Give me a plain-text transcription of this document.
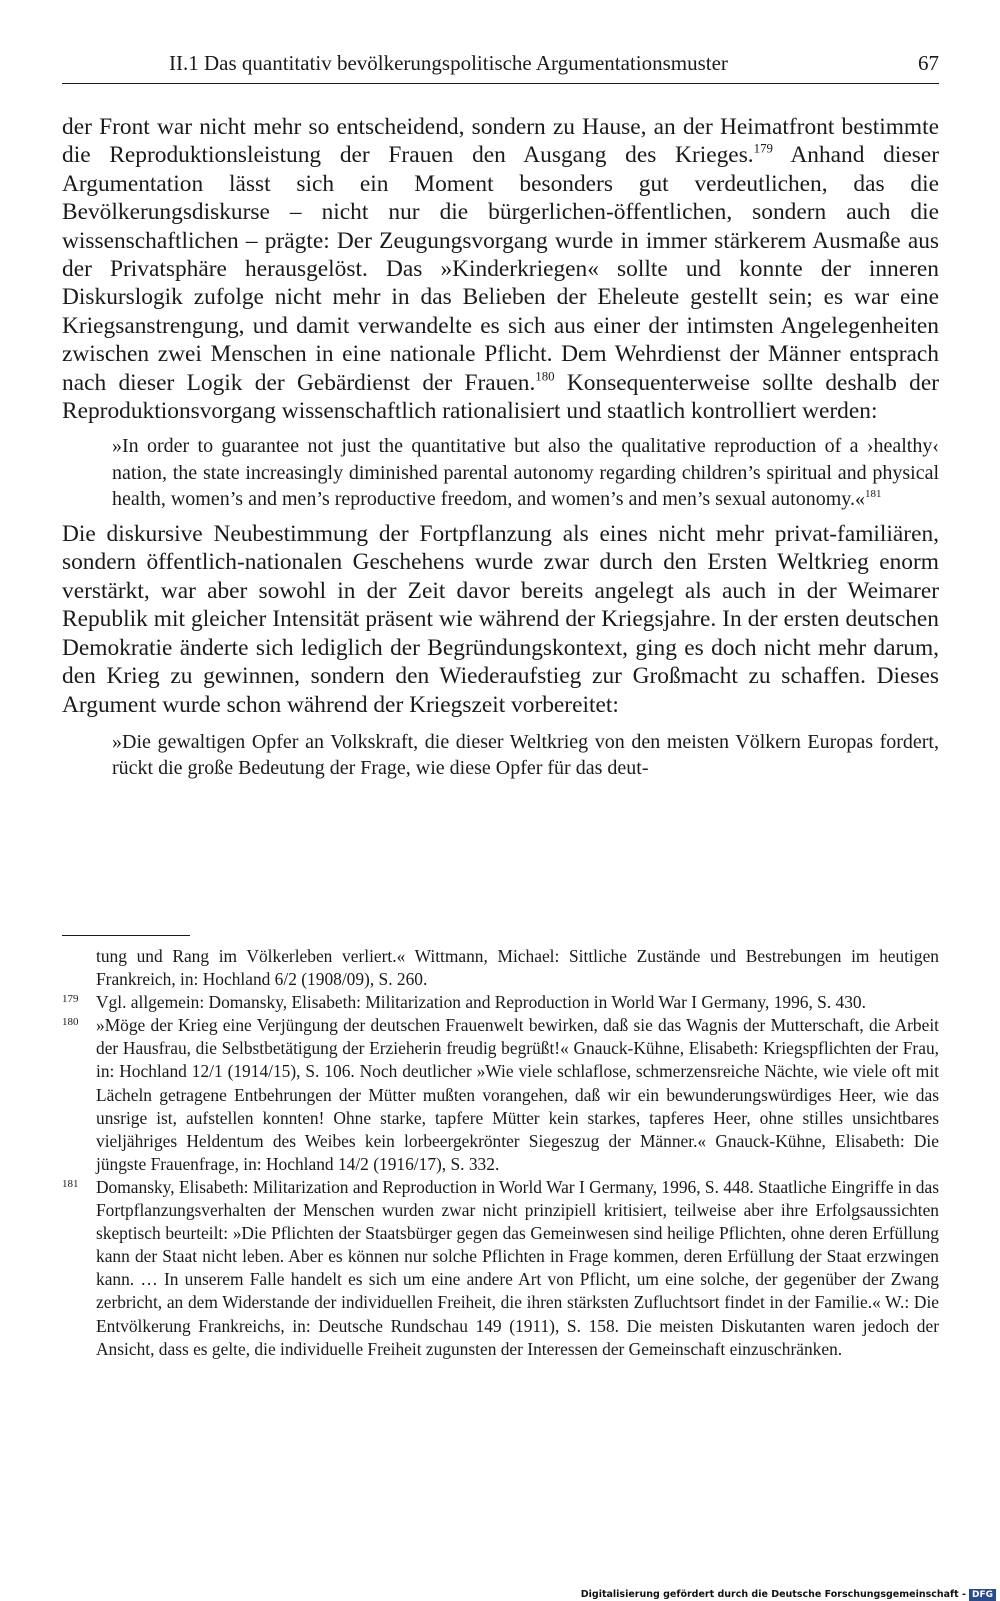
II.1 Das quantitativ bevölkerungspolitische Argumentationsmuster	67

der Front war nicht mehr so entscheidend, sondern zu Hause, an der Heimatfront bestimmte die Reproduktionsleistung der Frauen den Ausgang des Krieges.$^{179}$ Anhand dieser Argumentation lässt sich ein Moment besonders gut verdeutlichen, das die Bevölkerungsdiskurse – nicht nur die bürgerlichen-öffentlichen, sondern auch die wissenschaftlichen – prägte: Der Zeugungsvorgang wurde in immer stärkerem Ausmaße aus der Privatsphäre herausgelöst. Das »Kinderkriegen« sollte und konnte der inneren Diskurslogik zufolge nicht mehr in das Belieben der Eheleute gestellt sein; es war eine Kriegsanstrengung, und damit verwandelte es sich aus einer der intimsten Angelegenheiten zwischen zwei Menschen in eine nationale Pflicht. Dem Wehrdienst der Männer entsprach nach dieser Logik der Gebärdienst der Frauen.$^{180}$ Konsequenterweise sollte deshalb der Reproduktionsvorgang wissenschaftlich rationalisiert und staatlich kontrolliert werden:

»In order to guarantee not just the quantitative but also the qualitative reproduction of a ›healthy‹ nation, the state increasingly diminished parental autonomy regarding children’s spiritual and physical health, women’s and men’s reproductive freedom, and women’s and men’s sexual autonomy.«$^{181}$

Die diskursive Neubestimmung der Fortpflanzung als eines nicht mehr privat-familiären, sondern öffentlich-nationalen Geschehens wurde zwar durch den Ersten Weltkrieg enorm verstärkt, war aber sowohl in der Zeit davor bereits angelegt als auch in der Weimarer Republik mit gleicher Intensität präsent wie während der Kriegsjahre. In der ersten deutschen Demokratie änderte sich lediglich der Begründungskontext, ging es doch nicht mehr darum, den Krieg zu gewinnen, sondern den Wiederaufstieg zur Großmacht zu schaffen. Dieses Argument wurde schon während der Kriegszeit vorbereitet:

»Die gewaltigen Opfer an Volkskraft, die dieser Weltkrieg von den meisten Völkern Europas fordert, rückt die große Bedeutung der Frage, wie diese Opfer für das deut-

tung und Rang im Völkerleben verliert.« Wittmann, Michael: Sittliche Zustände und Bestrebungen im heutigen Frankreich, in: Hochland 6/2 (1908/09), S. 260.

179 Vgl. allgemein: Domansky, Elisabeth: Militarization and Reproduction in World War I Germany, 1996, S. 430.

180 »Möge der Krieg eine Verjüngung der deutschen Frauenwelt bewirken, daß sie das Wagnis der Mutterschaft, die Arbeit der Hausfrau, die Selbstbetätigung der Erzieherin freudig begrüßt!« Gnauck-Kühne, Elisabeth: Kriegspflichten der Frau, in: Hochland 12/1 (1914/15), S. 106. Noch deutlicher »Wie viele schlaflose, schmerzensreiche Nächte, wie viele oft mit Lächeln getragene Entbehrungen der Mütter mußten vorangehen, daß wir ein bewunderungswürdiges Heer, wie das unsrige ist, aufstellen konnten! Ohne starke, tapfere Mütter kein starkes, tapferes Heer, ohne stilles unsichtbares vieljähriges Heldentum des Weibes kein lorbeergekrönter Siegeszug der Männer.« Gnauck-Kühne, Elisabeth: Die jüngste Frauenfrage, in: Hochland 14/2 (1916/17), S. 332.

181 Domansky, Elisabeth: Militarization and Reproduction in World War I Germany, 1996, S. 448. Staatliche Eingriffe in das Fortpflanzungsverhalten der Menschen wurden zwar nicht prinzipiell kritisiert, teilweise aber ihre Erfolgsaussichten skeptisch beurteilt: »Die Pflichten der Staatsbürger gegen das Gemeinwesen sind heilige Pflichten, ohne deren Erfüllung kann der Staat nicht leben. Aber es können nur solche Pflichten in Frage kommen, deren Erfüllung der Staat erzwingen kann. … In unserem Falle handelt es sich um eine andere Art von Pflicht, um eine solche, der gegenüber der Zwang zerbricht, an dem Widerstande der individuellen Freiheit, die ihren stärksten Zufluchtsort findet in der Familie.« W.: Die Entvölkerung Frankreichs, in: Deutsche Rundschau 149 (1911), S. 158. Die meisten Diskutanten waren jedoch der Ansicht, dass es gelte, die individuelle Freiheit zugunsten der Interessen der Gemeinschaft einzuschränken.

Digitalisierung gefördert durch die Deutsche Forschungsgemeinschaft - DFG
